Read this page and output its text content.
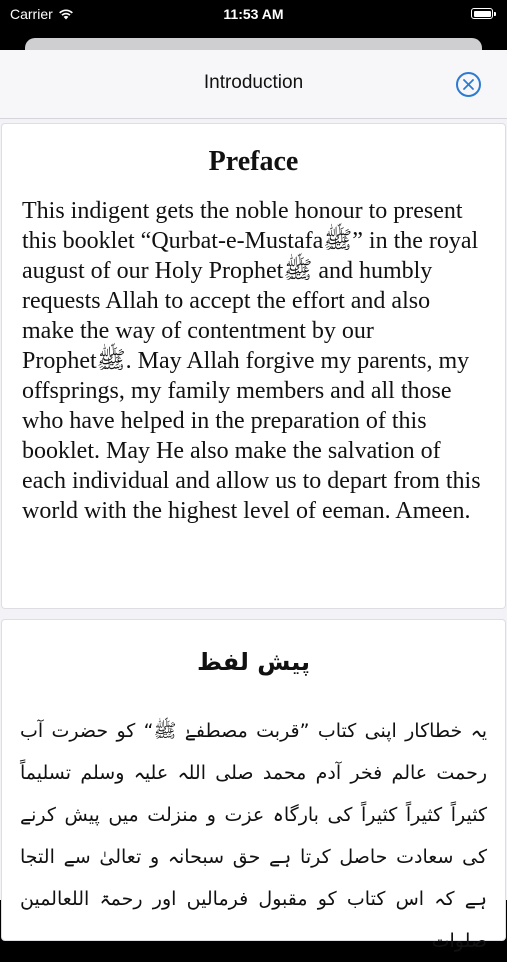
Carrier	11:53 AM
Introduction
Preface
This indigent gets the noble honour to present this booklet “Qurbat-e-Mustafaﷺ” in the royal august of our Holy Prophetﷺ and humbly requests Allah to accept the effort and also make the way of contentment by our Prophetﷺ. May Allah forgive my parents, my offsprings, my family members and all those who have helped in the preparation of this booklet. May He also make the salvation of each individual and allow us to depart from this world with the highest level of eeman. Ameen.
پیش لفظ
یہ خطاکار اپنی کتاب ”قربت مصطفےٰ ﷺ“ کو حضرت آب رحمت عالم فخر آدم محمد صلی اللہ علیہ وسلم تسلیماً کثیراً کثیراً کثیراً کی بارگاہ عزت و منزلت میں پیش کرنے کی سعادت حاصل کرتا ہے حق سبحانہ و تعالیٰ سے التجا ہے کہ اس کتاب کو مقبول فرمالیں اور رحمۃ اللعالمین صلوات
